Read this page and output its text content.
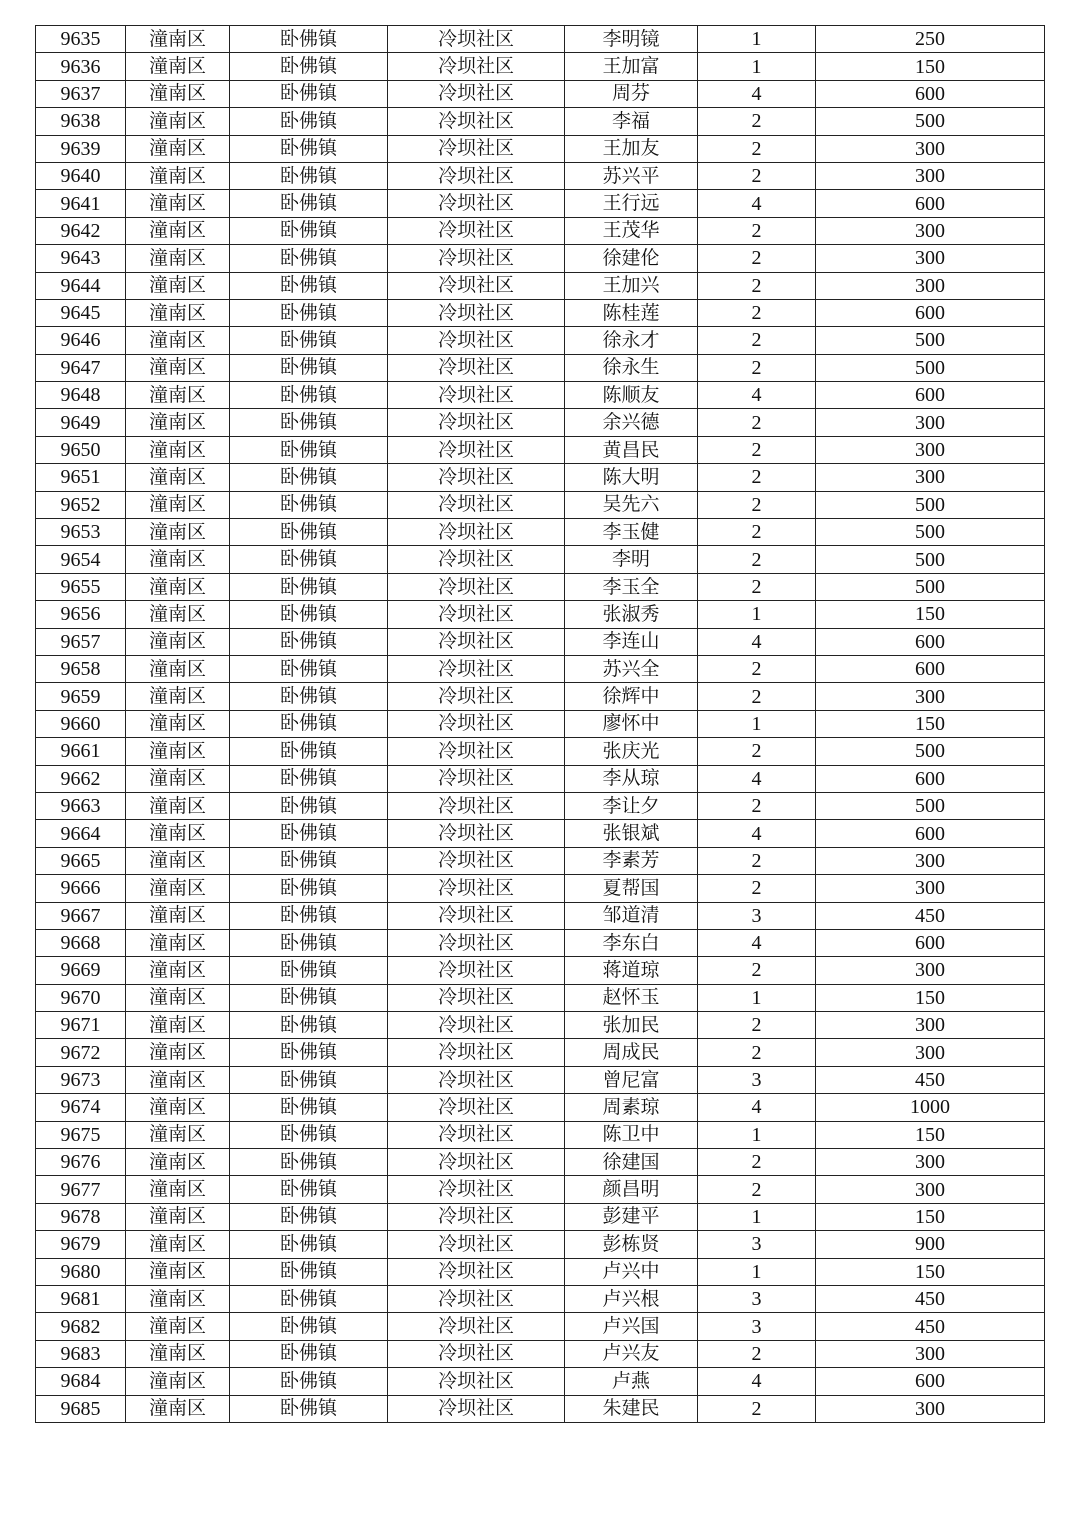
9635	潼南区	卧佛镇	冷坝社区	李明镜	1	250
9636	潼南区	卧佛镇	冷坝社区	王加富	1	150
9637	潼南区	卧佛镇	冷坝社区	周芬	4	600
9638	潼南区	卧佛镇	冷坝社区	李福	2	500
9639	潼南区	卧佛镇	冷坝社区	王加友	2	300
9640	潼南区	卧佛镇	冷坝社区	苏兴平	2	300
9641	潼南区	卧佛镇	冷坝社区	王行远	4	600
9642	潼南区	卧佛镇	冷坝社区	王茂华	2	300
9643	潼南区	卧佛镇	冷坝社区	徐建伦	2	300
9644	潼南区	卧佛镇	冷坝社区	王加兴	2	300
9645	潼南区	卧佛镇	冷坝社区	陈桂莲	2	600
9646	潼南区	卧佛镇	冷坝社区	徐永才	2	500
9647	潼南区	卧佛镇	冷坝社区	徐永生	2	500
9648	潼南区	卧佛镇	冷坝社区	陈顺友	4	600
9649	潼南区	卧佛镇	冷坝社区	余兴德	2	300
9650	潼南区	卧佛镇	冷坝社区	黄昌民	2	300
9651	潼南区	卧佛镇	冷坝社区	陈大明	2	300
9652	潼南区	卧佛镇	冷坝社区	吴先六	2	500
9653	潼南区	卧佛镇	冷坝社区	李玉健	2	500
9654	潼南区	卧佛镇	冷坝社区	李明	2	500
9655	潼南区	卧佛镇	冷坝社区	李玉全	2	500
9656	潼南区	卧佛镇	冷坝社区	张淑秀	1	150
9657	潼南区	卧佛镇	冷坝社区	李连山	4	600
9658	潼南区	卧佛镇	冷坝社区	苏兴全	2	600
9659	潼南区	卧佛镇	冷坝社区	徐辉中	2	300
9660	潼南区	卧佛镇	冷坝社区	廖怀中	1	150
9661	潼南区	卧佛镇	冷坝社区	张庆光	2	500
9662	潼南区	卧佛镇	冷坝社区	李从琼	4	600
9663	潼南区	卧佛镇	冷坝社区	李让夕	2	500
9664	潼南区	卧佛镇	冷坝社区	张银斌	4	600
9665	潼南区	卧佛镇	冷坝社区	李素芳	2	300
9666	潼南区	卧佛镇	冷坝社区	夏帮国	2	300
9667	潼南区	卧佛镇	冷坝社区	邹道清	3	450
9668	潼南区	卧佛镇	冷坝社区	李东白	4	600
9669	潼南区	卧佛镇	冷坝社区	蒋道琼	2	300
9670	潼南区	卧佛镇	冷坝社区	赵怀玉	1	150
9671	潼南区	卧佛镇	冷坝社区	张加民	2	300
9672	潼南区	卧佛镇	冷坝社区	周成民	2	300
9673	潼南区	卧佛镇	冷坝社区	曾尼富	3	450
9674	潼南区	卧佛镇	冷坝社区	周素琼	4	1000
9675	潼南区	卧佛镇	冷坝社区	陈卫中	1	150
9676	潼南区	卧佛镇	冷坝社区	徐建国	2	300
9677	潼南区	卧佛镇	冷坝社区	颜昌明	2	300
9678	潼南区	卧佛镇	冷坝社区	彭建平	1	150
9679	潼南区	卧佛镇	冷坝社区	彭栋贤	3	900
9680	潼南区	卧佛镇	冷坝社区	卢兴中	1	150
9681	潼南区	卧佛镇	冷坝社区	卢兴根	3	450
9682	潼南区	卧佛镇	冷坝社区	卢兴国	3	450
9683	潼南区	卧佛镇	冷坝社区	卢兴友	2	300
9684	潼南区	卧佛镇	冷坝社区	卢燕	4	600
9685	潼南区	卧佛镇	冷坝社区	朱建民	2	300
